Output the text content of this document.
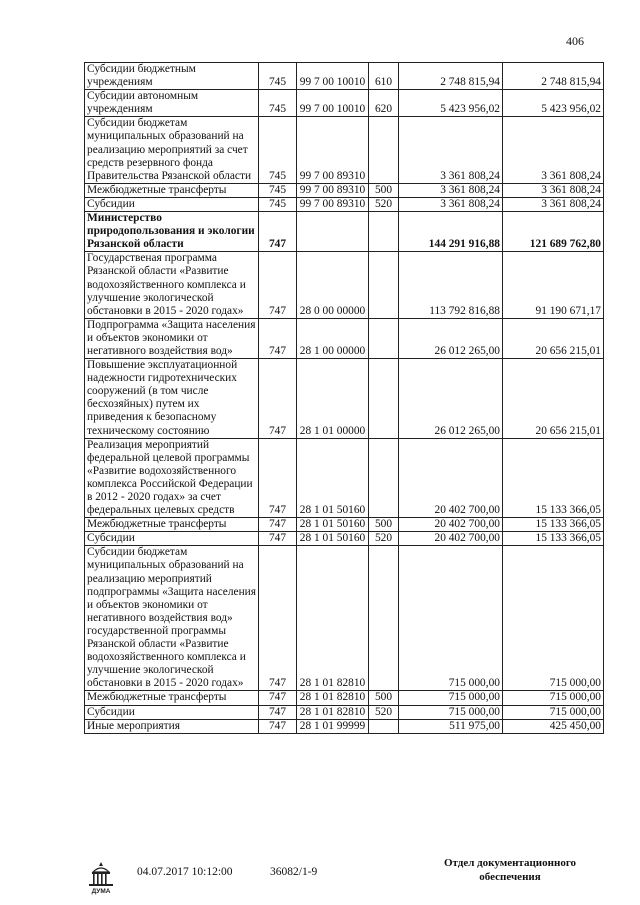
406
Субсидии бюджетным учреждениям	745	99 7 00 10010	610	2 748 815,94	2 748 815,94
Субсидии автономным учреждениям	745	99 7 00 10010	620	5 423 956,02	5 423 956,02
Субсидии бюджетам муниципальных образований на реализацию мероприятий за счет средств резервного фонда Правительства Рязанской области	745	99 7 00 89310		3 361 808,24	3 361 808,24
Межбюджетные трансферты	745	99 7 00 89310	500	3 361 808,24	3 361 808,24
Субсидии	745	99 7 00 89310	520	3 361 808,24	3 361 808,24
Министерство природопользования и экологии Рязанской области	747			144 291 916,88	121 689 762,80
Государственая программа Рязанской области «Развитие водохозяйственного комплекса и улучшение экологической обстановки в 2015 - 2020 годах»	747	28 0 00 00000		113 792 816,88	91 190 671,17
Подпрограмма «Защита населения и объектов экономики от негативного воздействия вод»	747	28 1 00 00000		26 012 265,00	20 656 215,01
Повышение эксплуатационной надежности гидротехнических сооружений (в том числе бесхозяйных) путем их приведения к безопасному техническому состоянию	747	28 1 01 00000		26 012 265,00	20 656 215,01
Реализация мероприятий федеральной целевой программы «Развитие водохозяйственного комплекса Российской Федерации в 2012 - 2020 годах» за счет федеральных целевых средств	747	28 1 01 50160		20 402 700,00	15 133 366,05
Межбюджетные трансферты	747	28 1 01 50160	500	20 402 700,00	15 133 366,05
Субсидии	747	28 1 01 50160	520	20 402 700,00	15 133 366,05
Субсидии бюджетам муниципальных образований на реализацию мероприятий подпрограммы «Защита населения и объектов экономики от негативного воздействия вод» государственной программы Рязанской области «Развитие водохозяйственного комплекса и улучшение экологической обстановки в 2015 - 2020 годах»	747	28 1 01 82810		715 000,00	715 000,00
Межбюджетные трансферты	747	28 1 01 82810	500	715 000,00	715 000,00
Субсидии	747	28 1 01 82810	520	715 000,00	715 000,00
Иные мероприятия	747	28 1 01 99999		511 975,00	425 450,00
ДУМА
04.07.2017 10:12:00	36082/1-9
Отдел документационного обеспечения
